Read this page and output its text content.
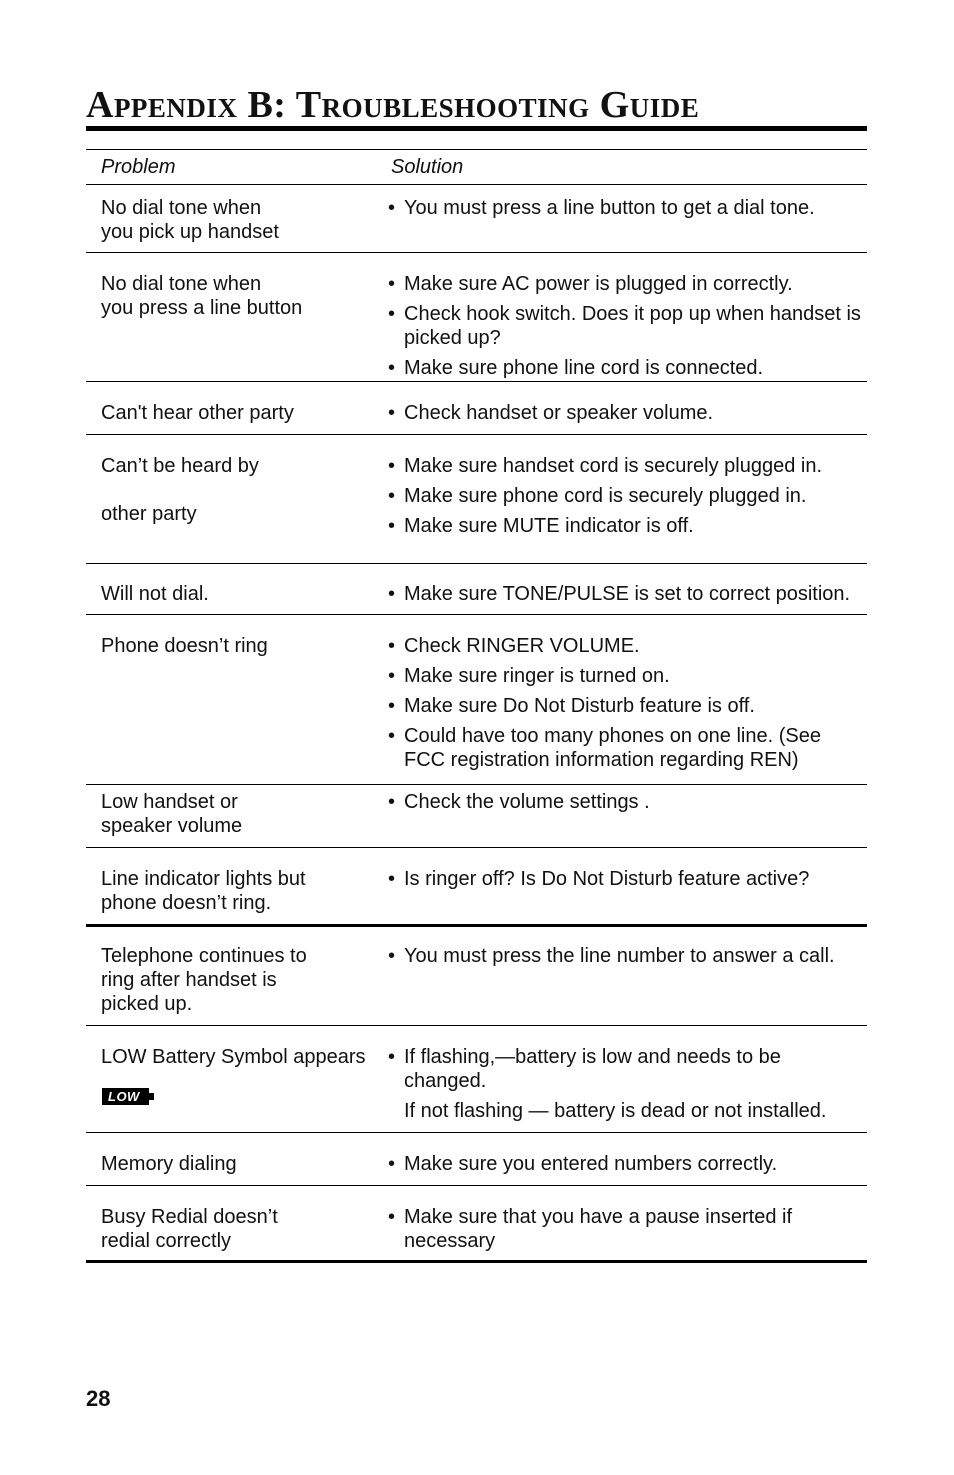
Appendix B: Troubleshooting Guide
Problem	Solution
No dial tone when
you pick up handset
• You must press a line button to get a dial tone.
No dial tone when
you press a line button
• Make sure AC power is plugged in correctly.
• Check hook switch. Does it pop up when handset is picked up?
• Make sure phone line cord is connected.
Can't hear other party	• Check handset or speaker volume.
Can’t be heard by

other party
• Make sure handset cord is securely plugged in.
• Make sure phone cord is securely plugged in.
• Make sure MUTE indicator is off.
Will not dial.	• Make sure TONE/PULSE is set to correct position.
Phone doesn’t ring	• Check RINGER VOLUME.
• Make sure ringer is turned on.
• Make sure Do Not Disturb feature is off.
• Could have too many phones on one line. (See FCC registration information regarding REN)
Low handset or
speaker volume
• Check the volume settings .
Line indicator lights but
phone doesn’t ring.
• Is ringer off? Is Do Not Disturb feature active?
Telephone continues to
ring after handset is
picked up.
• You must press the line number to answer a call.
LOW Battery Symbol appears
LOW
• If flashing,—battery is low and needs to be changed.
If not flashing — battery is dead or not installed.
Memory dialing	• Make sure you entered numbers correctly.
Busy Redial doesn’t
redial correctly
• Make sure that you have a pause inserted if necessary
28
